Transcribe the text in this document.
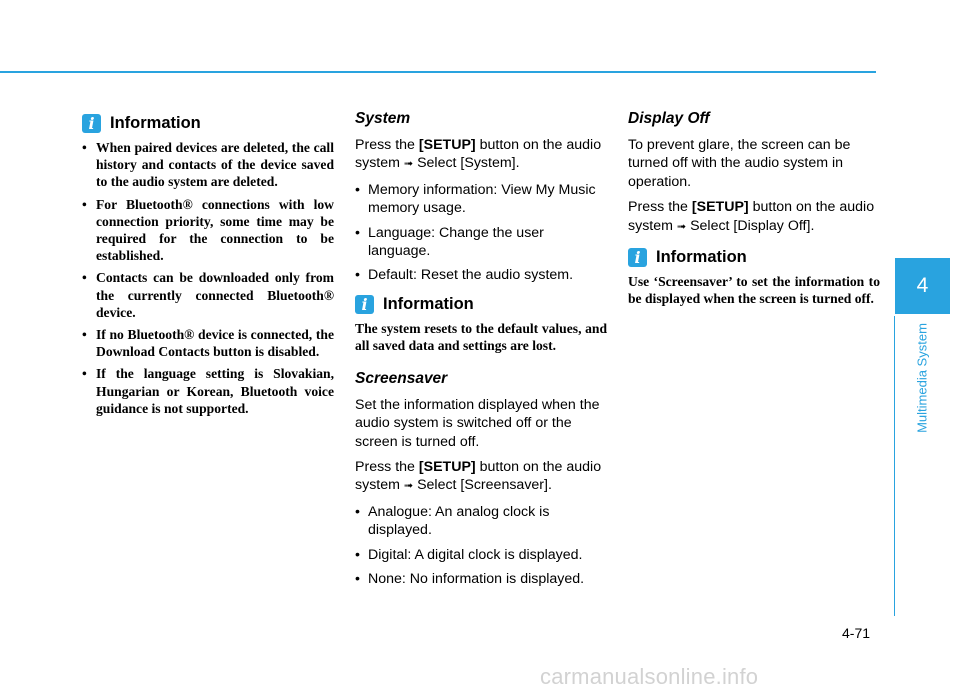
i Information
• When paired devices are deleted, the call history and contacts of the device saved to the audio system are deleted.
• For Bluetooth® connections with low connection priority, some time may be required for the connection to be established.
• Contacts can be downloaded only from the currently connected Bluetooth® device.
• If no Bluetooth® device is connected, the Download Contacts button is disabled.
• If the language setting is Slovakian, Hungarian or Korean, Bluetooth voice guidance is not supported.
System

Press the [SETUP] button on the audio system ➟ Select [System].

• Memory information: View My Music memory usage.
• Language: Change the user language.
• Default: Reset the audio system.
i Information

The system resets to the default values, and all saved data and settings are lost.

Screensaver

Set the information displayed when the audio system is switched off or the screen is turned off.

Press the [SETUP] button on the audio system ➟ Select [Screensaver].

• Analogue: An analog clock is displayed.
• Digital: A digital clock is displayed.
• None: No information is displayed.
Display Off

To prevent glare, the screen can be turned off with the audio system in operation.

Press the [SETUP] button on the audio system ➟ Select [Display Off].

i Information

Use ‘Screensaver’ to set the information to be displayed when the screen is turned off.

4
Multimedia System
4-71
carmanualsonline.info
